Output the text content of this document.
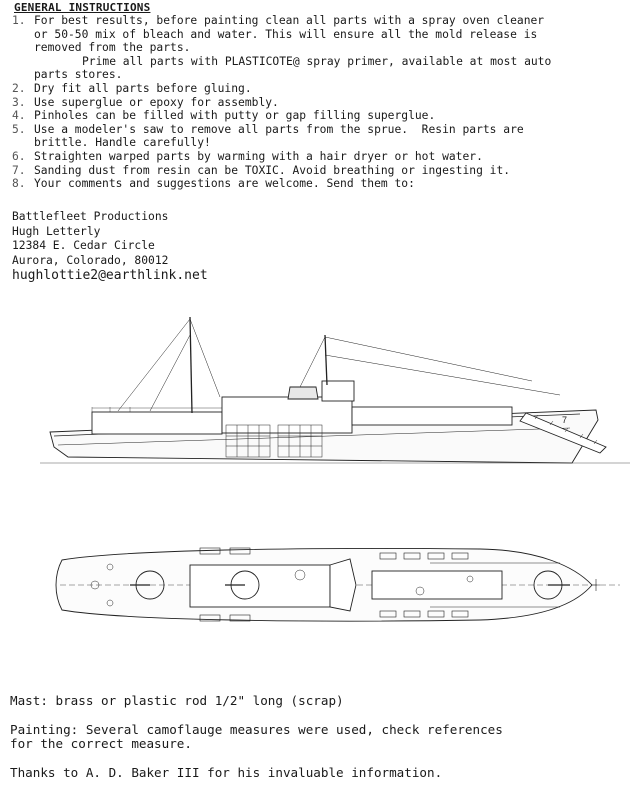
GENERAL INSTRUCTIONS
1. For best results, before painting clean all parts with a spray oven cleaner
or 50-50 mix of bleach and water. This will ensure all the mold release is
removed from the parts.
Prime all parts with PLASTICOTE@ spray primer, available at most auto
parts stores.
2. Dry fit all parts before gluing.
3. Use superglue or epoxy for assembly.
4. Pinholes can be filled with putty or gap filling superglue.
5. Use a modeler's saw to remove all parts from the sprue.  Resin parts are
brittle. Handle carefully!
6. Straighten warped parts by warming with a hair dryer or hot water.
7. Sanding dust from resin can be TOXIC. Avoid breathing or ingesting it.
8. Your comments and suggestions are welcome. Send them to:
Battlefleet Productions
Hugh Letterly
12384 E. Cedar Circle
Aurora, Colorado, 80012
hughlottie2@earthlink.net
7

Mast: brass or plastic rod 1/2" long (scrap)

Painting: Several camoflauge measures were used, check references
for the correct measure.

Thanks to A. D. Baker III for his invaluable information.
